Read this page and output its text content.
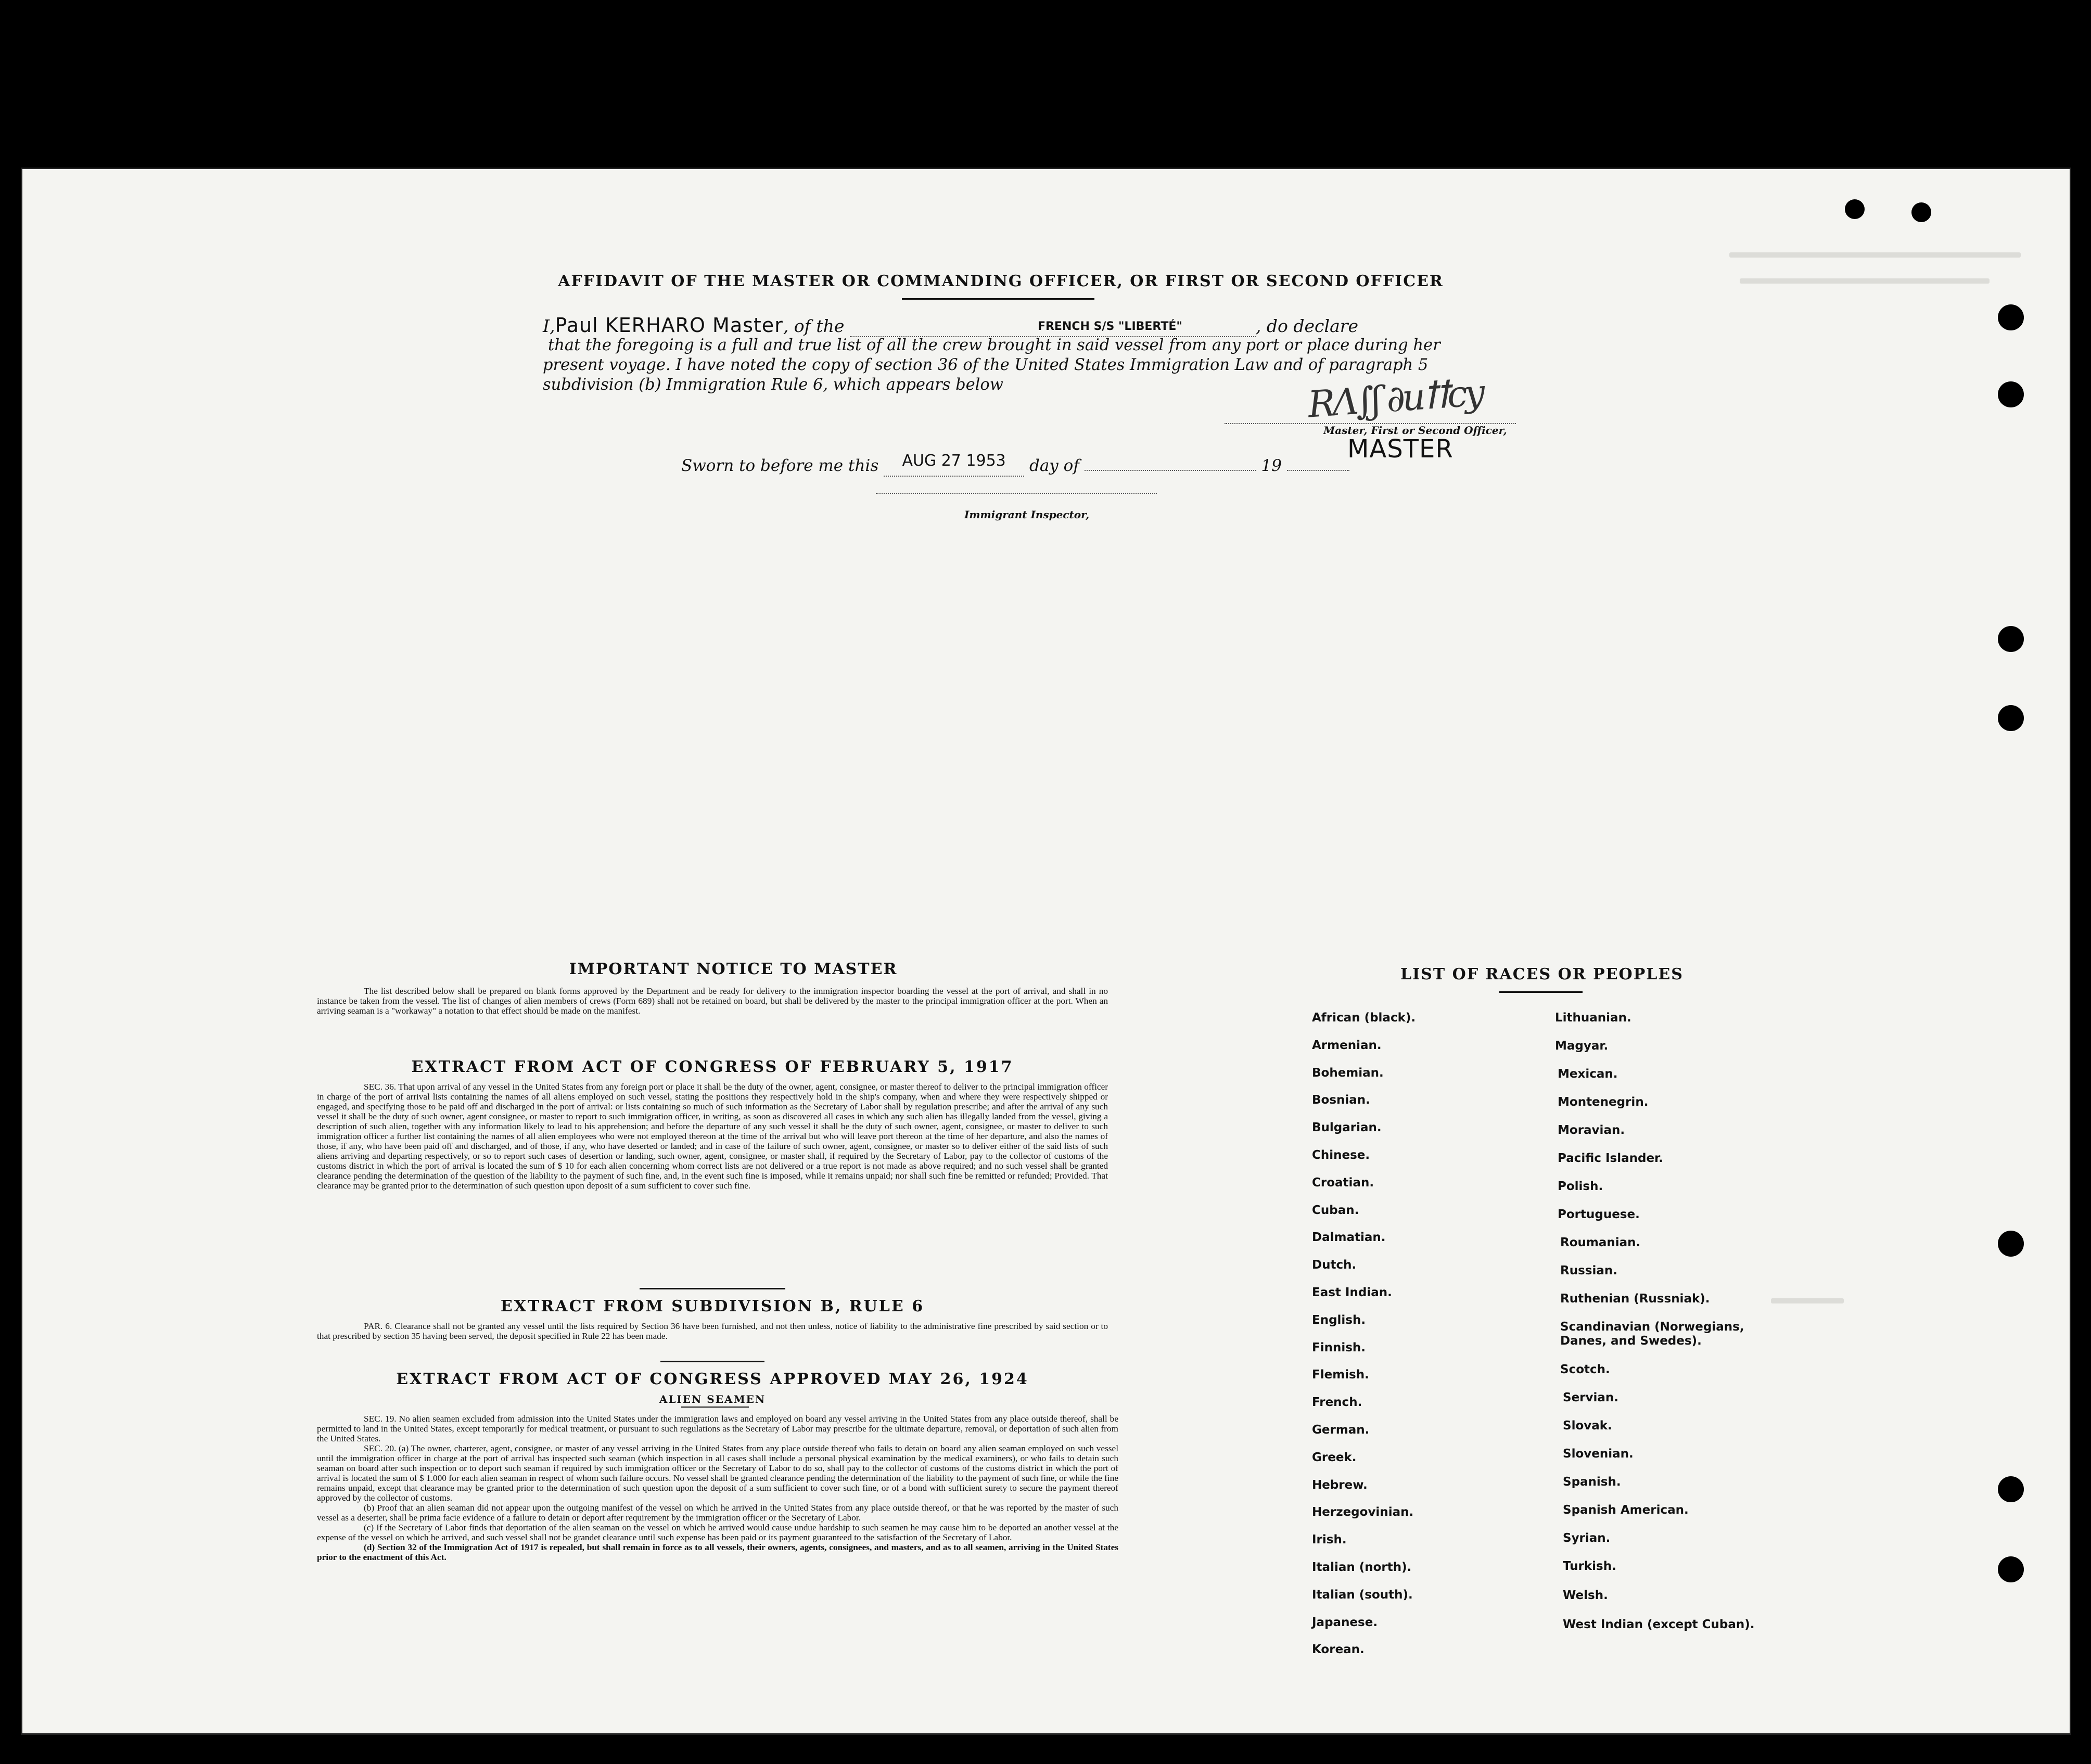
AFFIDAVIT OF THE MASTER OR COMMANDING OFFICER, OR FIRST OR SECOND OFFICER
I,Paul KERHARO Master, of the	FRENCH S/S "LIBERTÉ"	, do declare
that the foregoing is a full and true list of all the crew brought in said vessel from any port or place during her
present voyage. I have noted the copy of section 36 of the United States Immigration Law and of paragraph 5
subdivision (b) Immigration Rule 6, which appears below	RΛ∫ʃ ∂uꝉꝉcy
Master, First or Second Officer,
MASTER
Sworn to before me this AUG 27 1953 day of	19
Immigrant Inspector,
IMPORTANT NOTICE TO MASTER

The list described below shall be prepared on blank forms approved by the Department and be ready for delivery to the immigration inspector boarding the vessel at the port of arrival, and shall in no instance be taken from the vessel. The list of changes of alien members of crews (Form 689) shall not be retained on board, but shall be delivered by the master to the principal immigration officer at the port. When an arriving seaman is a "workaway" a notation to that effect should be made on the manifest.

EXTRACT FROM ACT OF CONGRESS OF FEBRUARY 5, 1917

SEC. 36. That upon arrival of any vessel in the United States from any foreign port or place it shall be the duty of the owner, agent, consignee, or master thereof to deliver to the principal immigration officer in charge of the port of arrival lists containing the names of all aliens employed on such vessel, stating the positions they respectively hold in the ship's company, when and where they were respectively shipped or engaged, and specifying those to be paid off and discharged in the port of arrival: or lists containing so much of such information as the Secretary of Labor shall by regulation prescribe; and after the arrival of any such vessel it shall be the duty of such owner, agent consignee, or master to report to such immigration officer, in writing, as soon as discovered all cases in which any such alien has illegally landed from the vessel, giving a description of such alien, together with any information likely to lead to his apprehension; and before the departure of any such vessel it shall be the duty of such owner, agent, consignee, or master to deliver to such immigration officer a further list containing the names of all alien employees who were not employed thereon at the time of the arrival but who will leave port thereon at the time of her departure, and also the names of those, if any, who have been paid off and discharged, and of those, if any, who have deserted or landed; and in case of the failure of such owner, agent, consignee, or master so to deliver either of the said lists of such aliens arriving and departing respectively, or so to report such cases of desertion or landing, such owner, agent, consignee, or master shall, if required by the Secretary of Labor, pay to the collector of customs of the customs district in which the port of arrival is located the sum of $ 10 for each alien concerning whom correct lists are not delivered or a true report is not made as above required; and no such vessel shall be granted clearance pending the determination of the question of the liability to the payment of such fine, and, in the event such fine is imposed, while it remains unpaid; nor shall such fine be remitted or refunded; Provided. That clearance may be granted prior to the determination of such question upon deposit of a sum sufficient to cover such fine.

EXTRACT FROM SUBDIVISION B, RULE 6

PAR. 6. Clearance shall not be granted any vessel until the lists required by Section 36 have been furnished, and not then unless, notice of liability to the administrative fine prescribed by said section or to that prescribed by section 35 having been served, the deposit specified in Rule 22 has been made.

EXTRACT FROM ACT OF CONGRESS APPROVED MAY 26, 1924
ALIEN SEAMEN

SEC. 19. No alien seamen excluded from admission into the United States under the immigration laws and employed on board any vessel arriving in the United States from any place outside thereof, shall be permitted to land in the United States, except temporarily for medical treatment, or pursuant to such regulations as the Secretary of Labor may prescribe for the ultimate departure, removal, or deportation of such alien from the United States.

SEC. 20. (a) The owner, charterer, agent, consignee, or master of any vessel arriving in the United States from any place outside thereof who fails to detain on board any alien seaman employed on such vessel until the immigration officer in charge at the port of arrival has inspected such seaman (which inspection in all cases shall include a personal physical examination by the medical examiners), or who fails to detain such seaman on board after such inspection or to deport such seaman if required by such immigration officer or the Secretary of Labor to do so, shall pay to the collector of customs of the customs district in which the port of arrival is located the sum of $ 1.000 for each alien seaman in respect of whom such failure occurs. No vessel shall be granted clearance pending the determination of the liability to the payment of such fine, or while the fine remains unpaid, except that clearance may be granted prior to the determination of such question upon the deposit of a sum sufficient to cover such fine, or of a bond with sufficient surety to secure the payment thereof approved by the collector of customs.

(b) Proof that an alien seaman did not appear upon the outgoing manifest of the vessel on which he arrived in the United States from any place outside thereof, or that he was reported by the master of such vessel as a deserter, shall be prima facie evidence of a failure to detain or deport after requirement by the immigration officer or the Secretary of Labor.

(c) If the Secretary of Labor finds that deportation of the alien seaman on the vessel on which he arrived would cause undue hardship to such seamen he may cause him to be deported an another vessel at the expense of the vessel on which he arrived, and such vessel shall not be grandet clearance until such expense has been paid or its payment guaranteed to the satisfaction of the Secretary of Labor.

(d) Section 32 of the Immigration Act of 1917 is repealed, but shall remain in force as to all vessels, their owners, agents, consignees, and masters, and as to all seamen, arriving in the United States prior to the enactment of this Act.

LIST OF RACES OR PEOPLES
African (black).
Armenian.
Bohemian.
Bosnian.
Bulgarian.
Chinese.
Croatian.
Cuban.
Dalmatian.
Dutch.
East Indian.
English.
Finnish.
Flemish.
French.
German.
Greek.
Hebrew.
Herzegovinian.
Irish.
Italian (north).
Italian (south).
Japanese.
Korean.
Lithuanian.
Magyar.
Mexican.
Montenegrin.
Moravian.
Pacific Islander.
Polish.
Portuguese.
Roumanian.
Russian.
Ruthenian (Russniak).
Scandinavian (Norwegians, Danes, and Swedes).
Scotch.
Servian.
Slovak.
Slovenian.
Spanish.
Spanish American.
Syrian.
Turkish.
Welsh.
West Indian (except Cuban).
